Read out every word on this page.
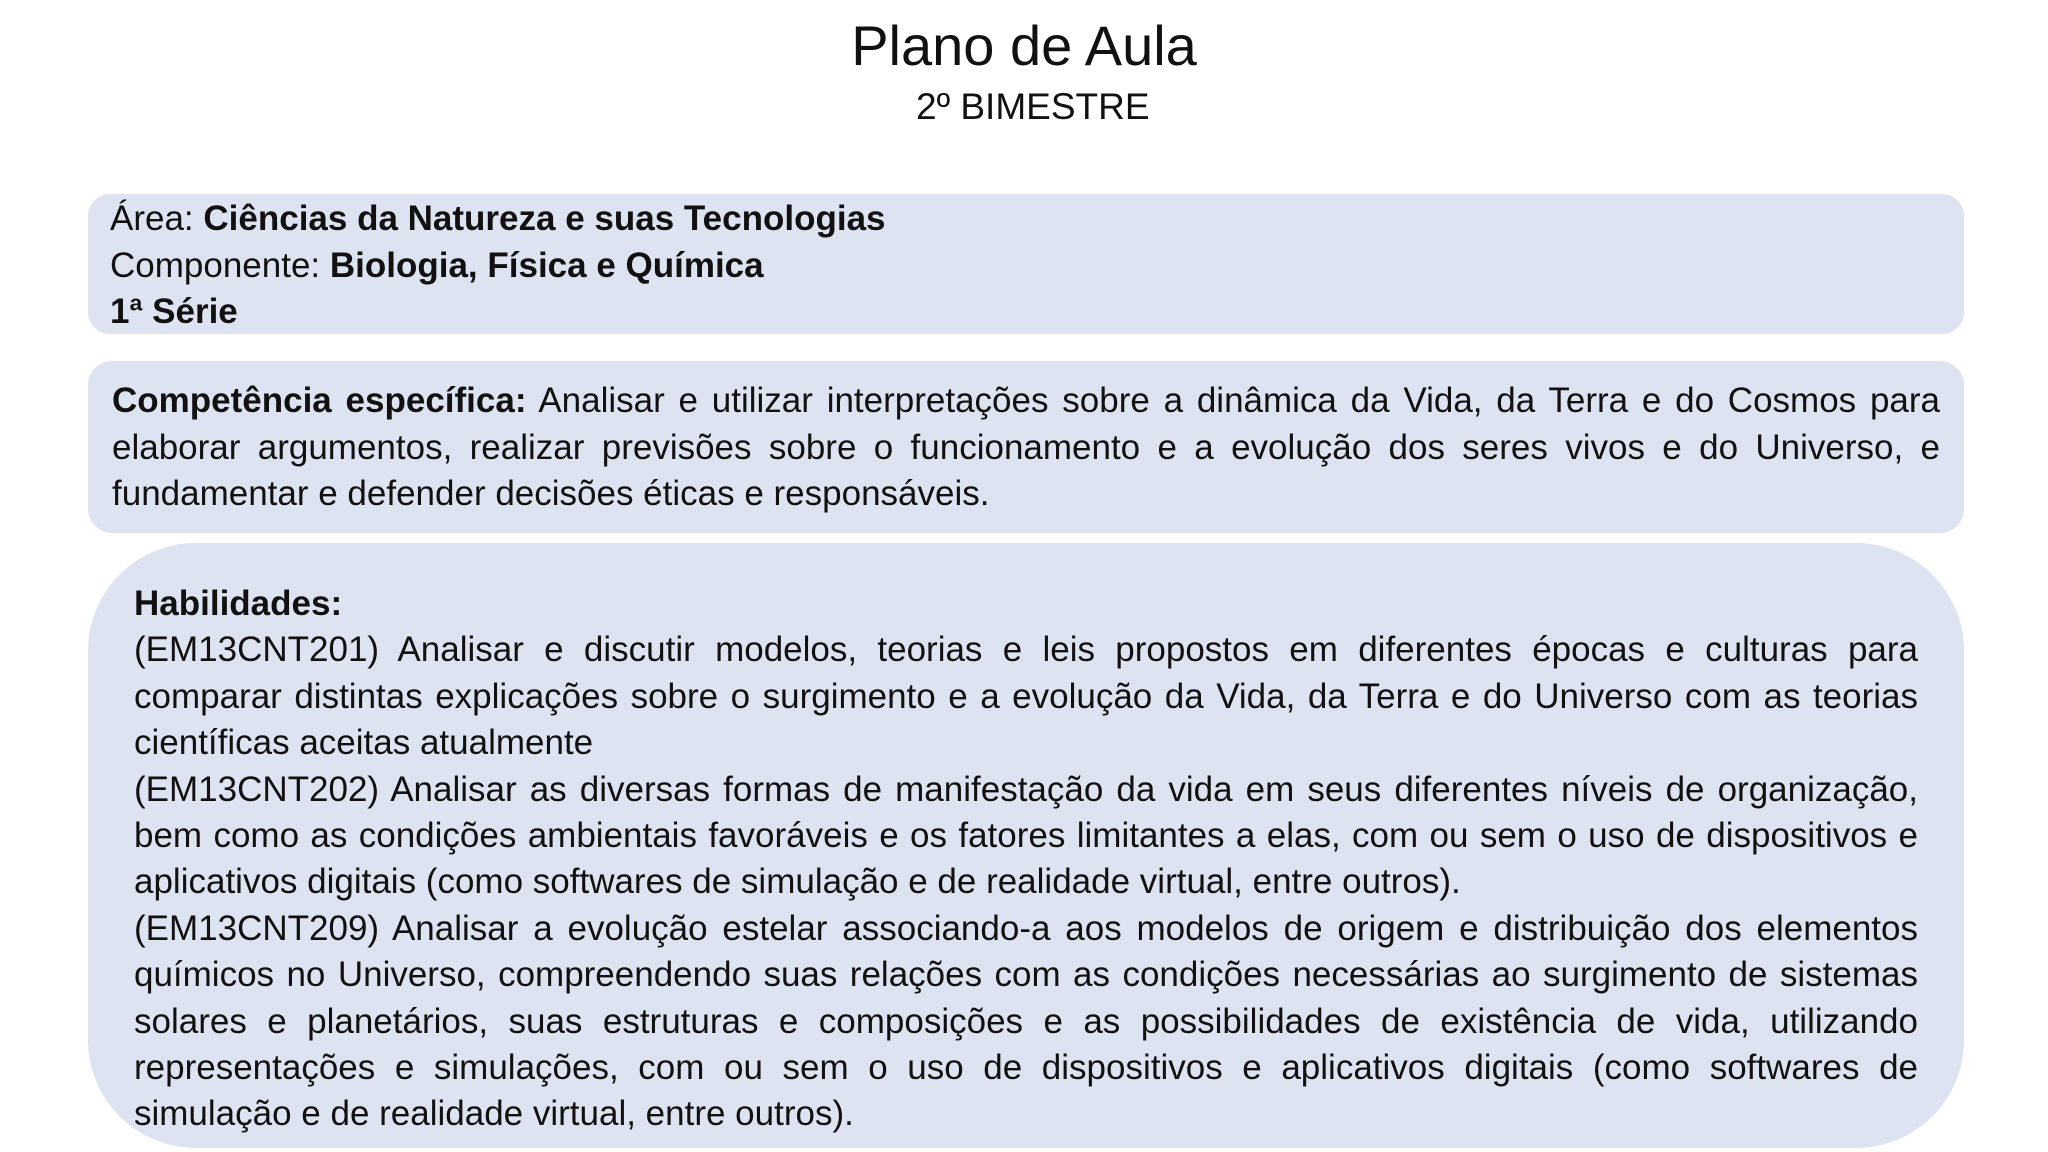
Plano de Aula
2º BIMESTRE
Área: Ciências da Natureza e suas Tecnologias
Componente: Biologia, Física e Química
1ª Série

Competência específica: Analisar e utilizar interpretações sobre a dinâmica da Vida, da Terra e do Cosmos para elaborar argumentos, realizar previsões sobre o funcionamento e a evolução dos seres vivos e do Universo, e fundamentar e defender decisões éticas e responsáveis.

Habilidades:

(EM13CNT201) Analisar e discutir modelos, teorias e leis propostos em diferentes épocas e culturas para comparar distintas explicações sobre o surgimento e a evolução da Vida, da Terra e do Universo com as teorias científicas aceitas atualmente

(EM13CNT202) Analisar as diversas formas de manifestação da vida em seus diferentes níveis de organização, bem como as condições ambientais favoráveis e os fatores limitantes a elas, com ou sem o uso de dispositivos e aplicativos digitais (como softwares de simulação e de realidade virtual, entre outros).

(EM13CNT209) Analisar a evolução estelar associando-a aos modelos de origem e distribuição dos elementos químicos no Universo, compreendendo suas relações com as condições necessárias ao surgimento de sistemas solares e planetários, suas estruturas e composições e as possibilidades de existência de vida, utilizando representações e simulações, com ou sem o uso de dispositivos e aplicativos digitais (como softwares de simulação e de realidade virtual, entre outros).
